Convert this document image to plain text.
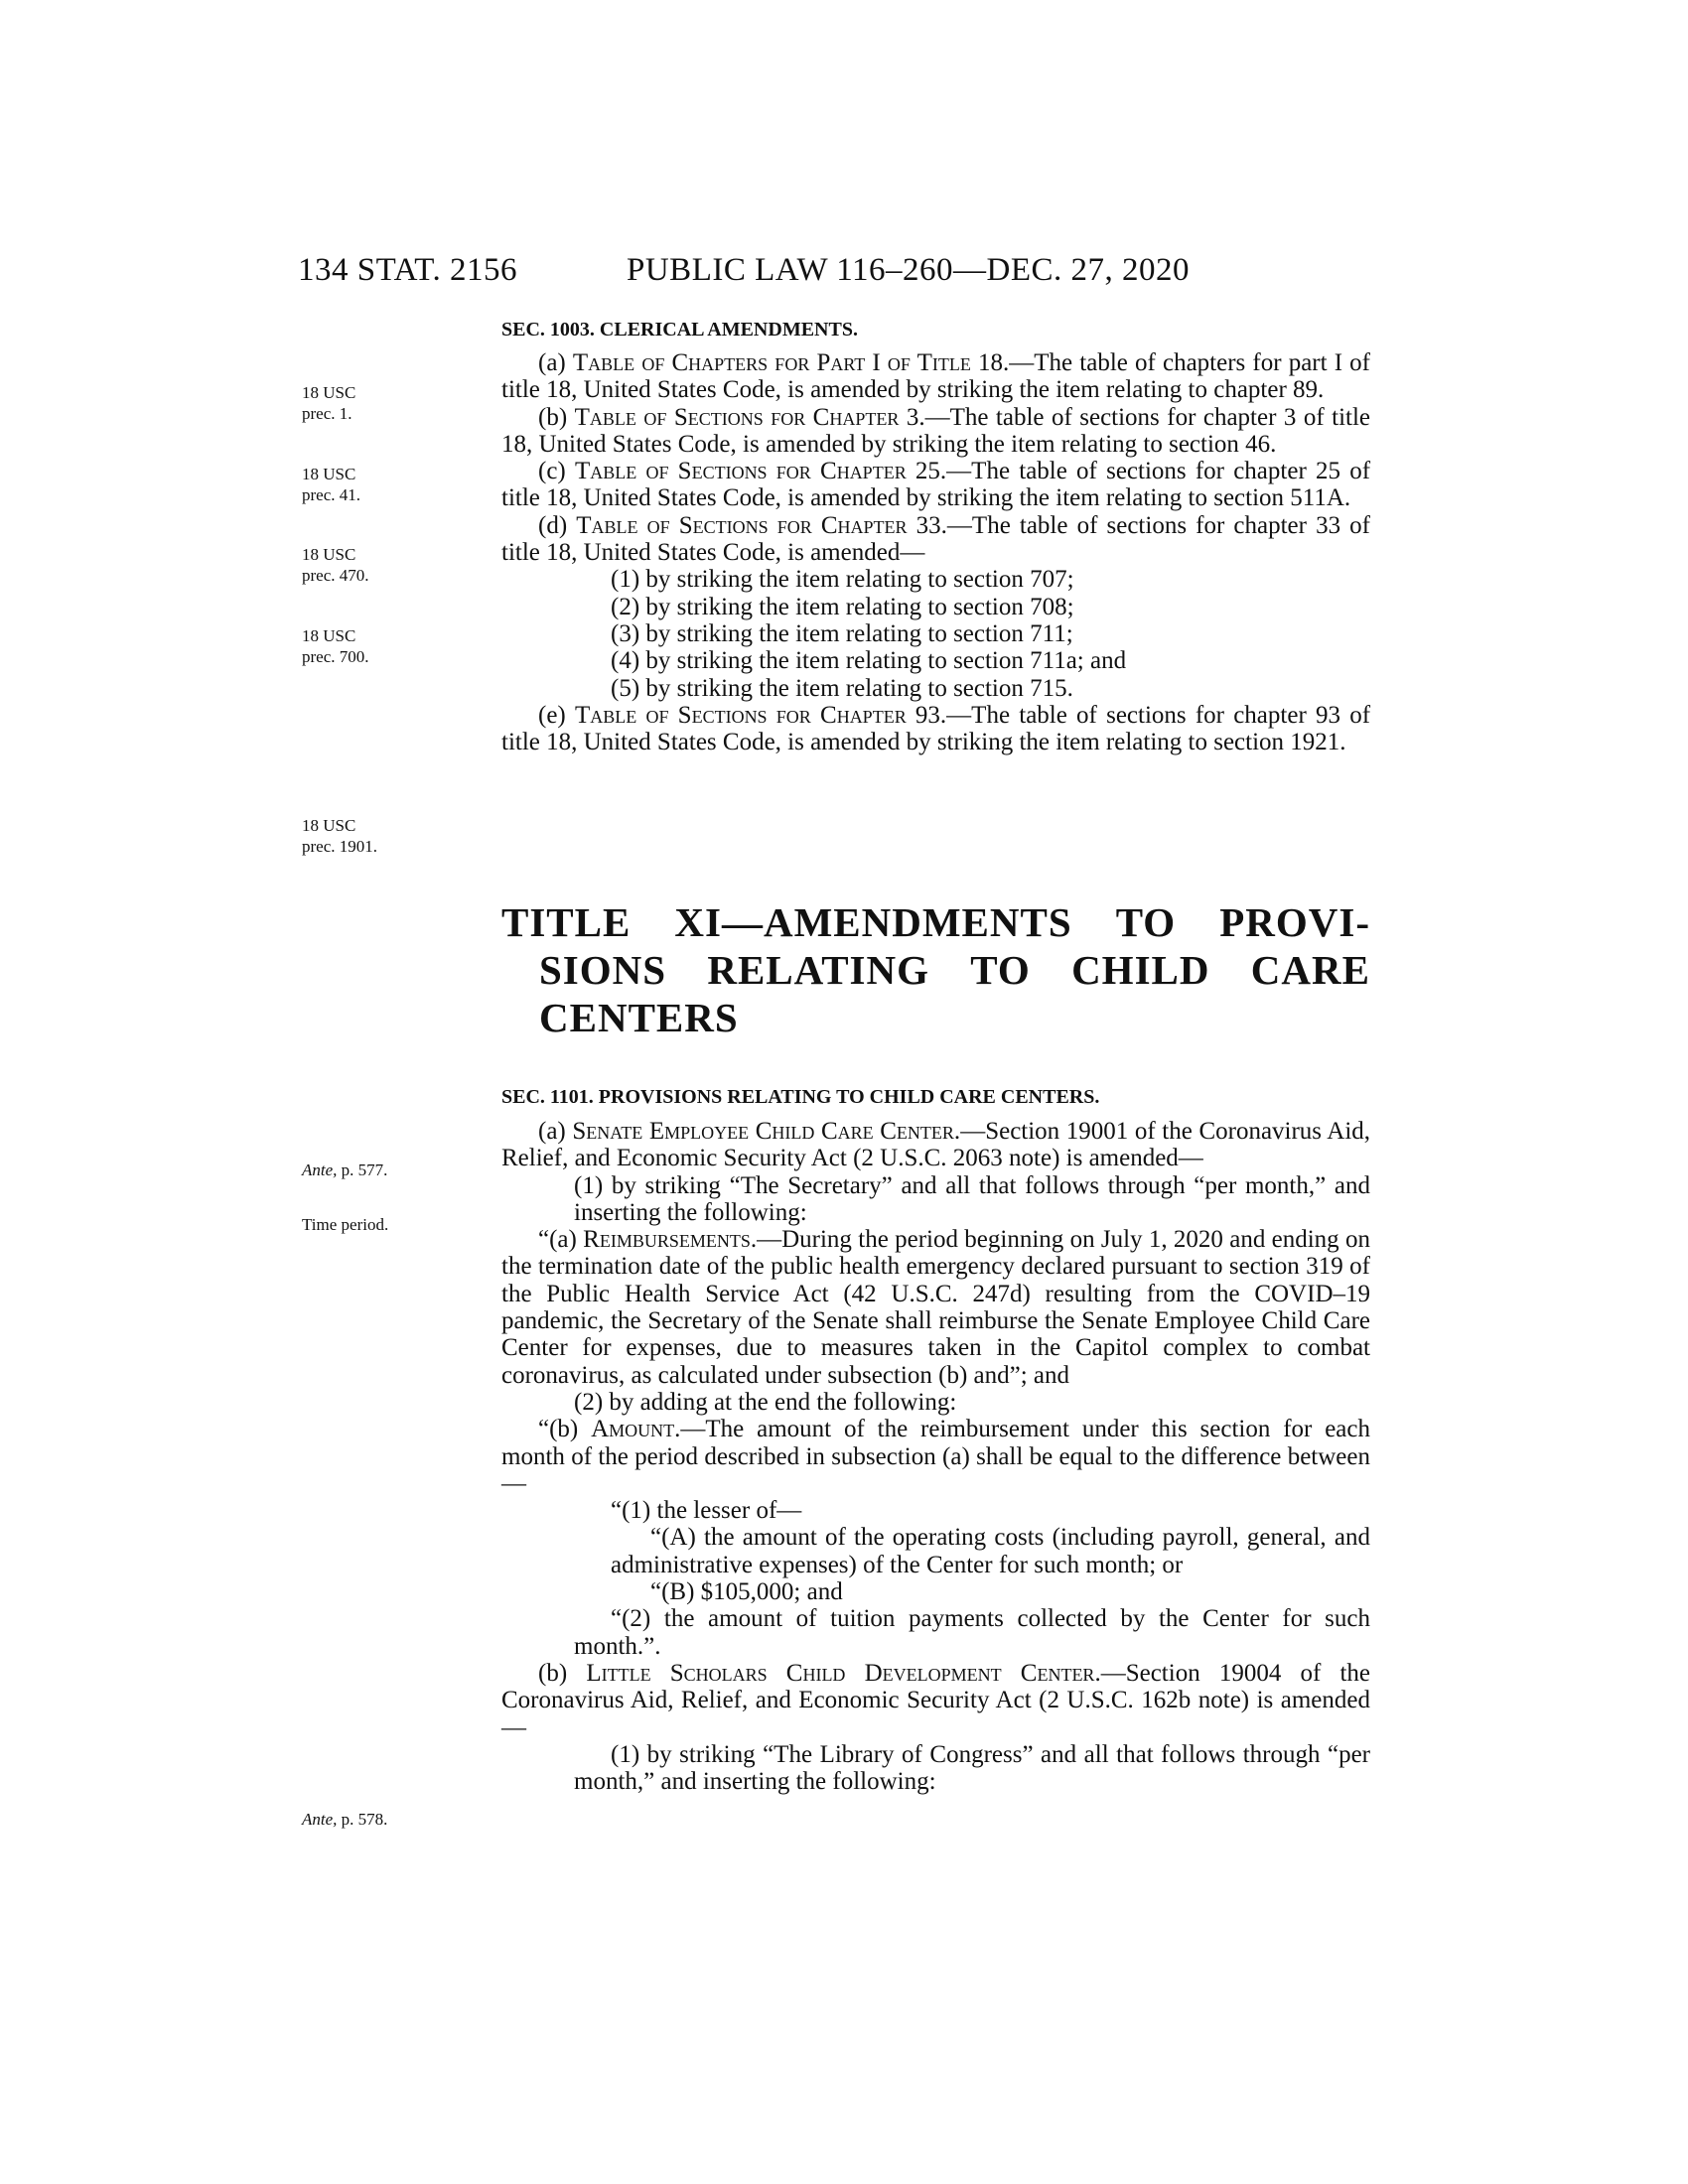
134 STAT. 2156	PUBLIC LAW 116–260—DEC. 27, 2020
SEC. 1003. CLERICAL AMENDMENTS.

(a) Table of Chapters for Part I of Title 18.—The table of chapters for part I of title 18, United States Code, is amended by striking the item relating to chapter 89.

(b) Table of Sections for Chapter 3.—The table of sections for chapter 3 of title 18, United States Code, is amended by striking the item relating to section 46.

(c) Table of Sections for Chapter 25.—The table of sections for chapter 25 of title 18, United States Code, is amended by striking the item relating to section 511A.

(d) Table of Sections for Chapter 33.—The table of sections for chapter 33 of title 18, United States Code, is amended—

(1) by striking the item relating to section 707;

(2) by striking the item relating to section 708;

(3) by striking the item relating to section 711;

(4) by striking the item relating to section 711a; and

(5) by striking the item relating to section 715.

(e) Table of Sections for Chapter 93.—The table of sections for chapter 93 of title 18, United States Code, is amended by striking the item relating to section 1921.

18 USC
prec. 1.
18 USC
prec. 41.
18 USC
prec. 470.
18 USC
prec. 700.
18 USC
prec. 1901.
Ante, p. 577.
Time period.
Ante, p. 578.
TITLE XI—AMENDMENTS TO PROVI-
SIONS RELATING TO CHILD CARE
CENTERS
SEC. 1101. PROVISIONS RELATING TO CHILD CARE CENTERS.

(a) Senate Employee Child Care Center.—Section 19001 of the Coronavirus Aid, Relief, and Economic Security Act (2 U.S.C. 2063 note) is amended—

(1) by striking “The Secretary” and all that follows through “per month,” and inserting the following:

“(a) Reimbursements.—During the period beginning on July 1, 2020 and ending on the termination date of the public health emergency declared pursuant to section 319 of the Public Health Service Act (42 U.S.C. 247d) resulting from the COVID–19 pandemic, the Secretary of the Senate shall reimburse the Senate Employee Child Care Center for expenses, due to measures taken in the Capitol complex to combat coronavirus, as calculated under subsection (b) and”; and

(2) by adding at the end the following:

“(b) Amount.—The amount of the reimbursement under this section for each month of the period described in subsection (a) shall be equal to the difference between—

“(1) the lesser of—

“(A) the amount of the operating costs (including payroll, general, and administrative expenses) of the Center for such month; or

“(B) $105,000; and

“(2) the amount of tuition payments collected by the Center for such month.”.

(b) Little Scholars Child Development Center.—Section 19004 of the Coronavirus Aid, Relief, and Economic Security Act (2 U.S.C. 162b note) is amended—

(1) by striking “The Library of Congress” and all that follows through “per month,” and inserting the following:
